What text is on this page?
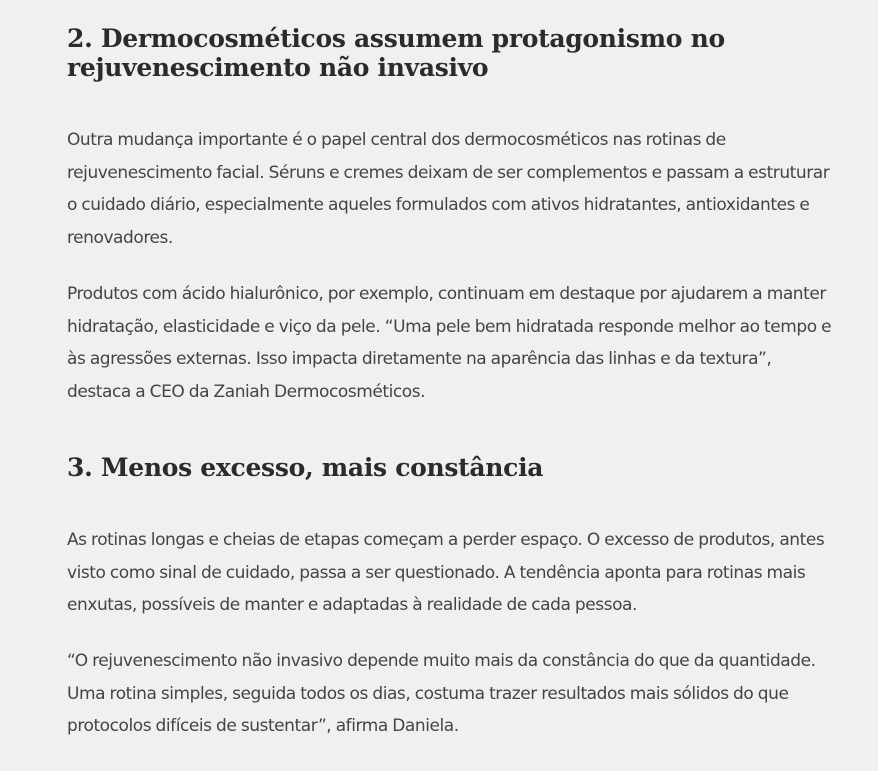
2. Dermocosméticos assumem protagonismo no rejuvenescimento não invasivo

Outra mudança importante é o papel central dos dermocosméticos nas rotinas de rejuvenescimento facial. Séruns e cremes deixam de ser complementos e passam a estruturar o cuidado diário, especialmente aqueles formulados com ativos hidratantes, antioxidantes e renovadores.

Produtos com ácido hialurônico, por exemplo, continuam em destaque por ajudarem a manter hidratação, elasticidade e viço da pele. “Uma pele bem hidratada responde melhor ao tempo e às agressões externas. Isso impacta diretamente na aparência das linhas e da textura”, destaca a CEO da Zaniah Dermocosméticos.

3. Menos excesso, mais constância

As rotinas longas e cheias de etapas começam a perder espaço. O excesso de produtos, antes visto como sinal de cuidado, passa a ser questionado. A tendência aponta para rotinas mais enxutas, possíveis de manter e adaptadas à realidade de cada pessoa.

“O rejuvenescimento não invasivo depende muito mais da constância do que da quantidade. Uma rotina simples, seguida todos os dias, costuma trazer resultados mais sólidos do que protocolos difíceis de sustentar”, afirma Daniela.
